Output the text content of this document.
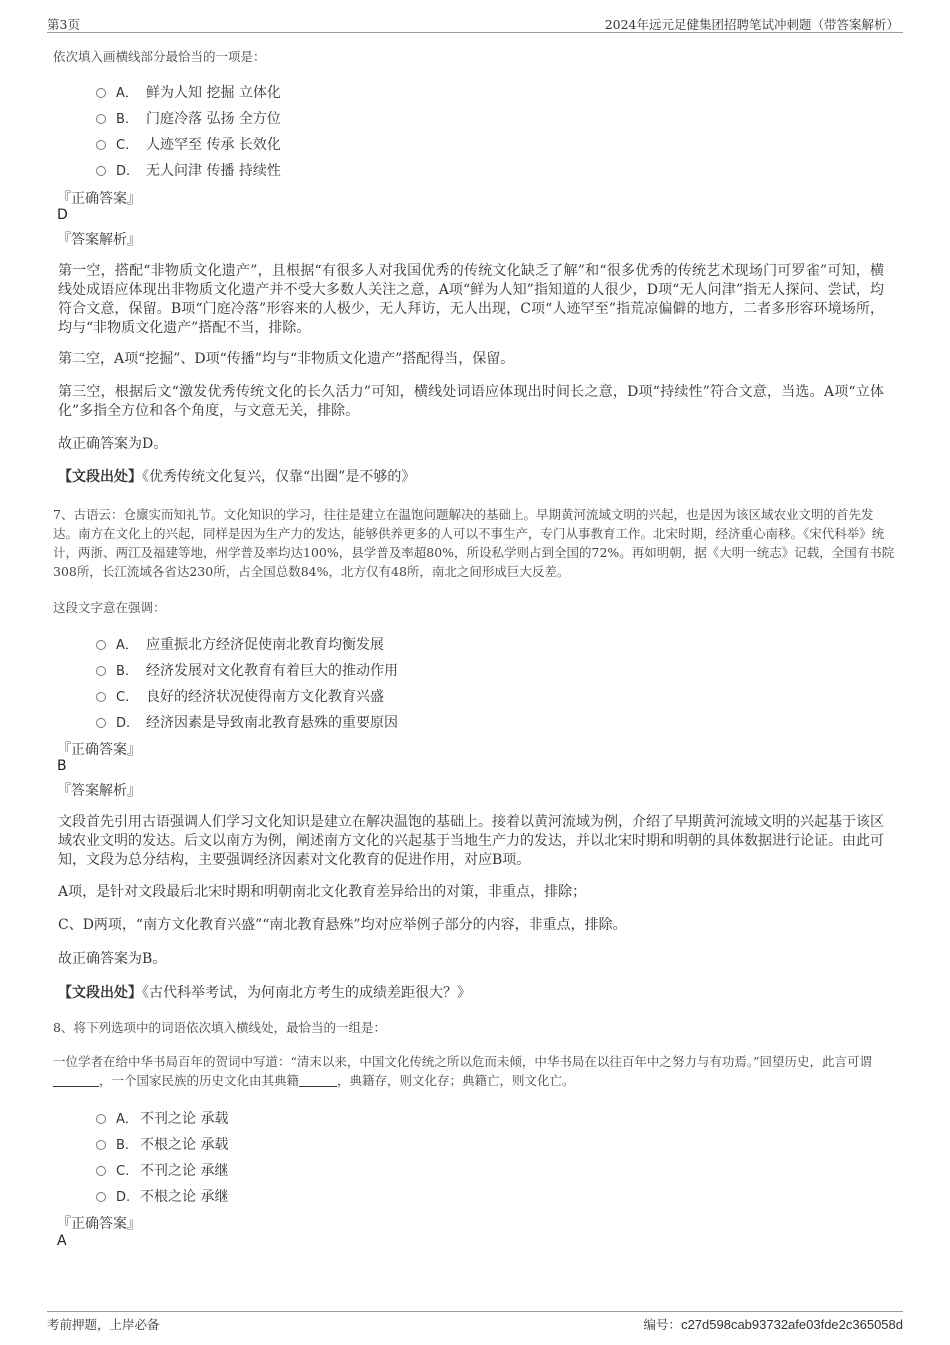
第3页	2024年远元足健集团招聘笔试冲刺题（带答案解析）
依次填入画横线部分最恰当的一项是：
A． 鲜为人知 挖掘 立体化
B. 门庭冷落 弘扬 全方位
C. 人迹罕至 传承 长效化
D. 无人问津 传播 持续性
『正确答案』
D
『答案解析』
第一空，搭配“非物质文化遗产”，且根据“有很多人对我国优秀的传统文化缺乏了解”和“很多优秀的传统艺术现场门可罗雀”可知，横线处成语应体现出非物质文化遗产并不受大多数人关注之意，A项“鲜为人知”指知道的人很少，D项“无人问津”指无人探问、尝试，均符合文意，保留。B项“门庭冷落”形容来的人极少，无人拜访，无人出现，C项“人迹罕至”指荒凉偏僻的地方，二者多形容环境场所，均与“非物质文化遗产”搭配不当，排除。
第二空，A项“挖掘”、D项“传播”均与“非物质文化遗产”搭配得当，保留。
第三空，根据后文“激发优秀传统文化的长久活力”可知，横线处词语应体现出时间长之意，D项“持续性”符合文意，当选。A项“立体化”多指全方位和各个角度，与文意无关，排除。
故正确答案为D。
【文段出处】《优秀传统文化复兴，仅靠“出圈”是不够的》
7、古语云：仓廪实而知礼节。文化知识的学习，往往是建立在温饱问题解决的基础上。早期黄河流域文明的兴起，也是因为该区域农业文明的首先发达。南方在文化上的兴起，同样是因为生产力的发达，能够供养更多的人可以不事生产，专门从事教育工作。北宋时期，经济重心南移。《宋代科举》统计，两浙、两江及福建等地，州学普及率均达100%，县学普及率超80%，所设私学则占到全国的72%。再如明朝，据《大明一统志》记载，全国有书院308所，长江流域各省达230所，占全国总数84%，北方仅有48所，南北之间形成巨大反差。
这段文字意在强调：
A． 应重振北方经济促使南北教育均衡发展
B. 经济发展对文化教育有着巨大的推动作用
C. 良好的经济状况使得南方文化教育兴盛
D. 经济因素是导致南北教育悬殊的重要原因
『正确答案』
B
『答案解析』
文段首先引用古语强调人们学习文化知识是建立在解决温饱的基础上。接着以黄河流域为例，介绍了早期黄河流域文明的兴起基于该区域农业文明的发达。后文以南方为例，阐述南方文化的兴起基于当地生产力的发达，并以北宋时期和明朝的具体数据进行论证。由此可知，文段为总分结构，主要强调经济因素对文化教育的促进作用，对应B项。
A项，是针对文段最后北宋时期和明朝南北文化教育差异给出的对策，非重点，排除；
C、D两项，“南方文化教育兴盛”“南北教育悬殊”均对应举例子部分的内容，非重点，排除。
故正确答案为B。
【文段出处】《古代科举考试，为何南北方考生的成绩差距很大？》
8、将下列选项中的词语依次填入横线处，最恰当的一组是：
一位学者在给中华书局百年的贺词中写道：“清末以来，中国文化传统之所以危而未倾，中华书局在以往百年中之努力与有功焉。”回望历史，此言可谓，一个国家民族的历史文化由其典籍	，典籍存，则文化存；典籍亡，则文化亡。
A． 不刊之论 承载
B. 不根之论 承载
C. 不刊之论 承继
D. 不根之论 承继
『正确答案』
A
考前押题，上岸必备	编号：c27d598cab93732afe03fde2c365058d
